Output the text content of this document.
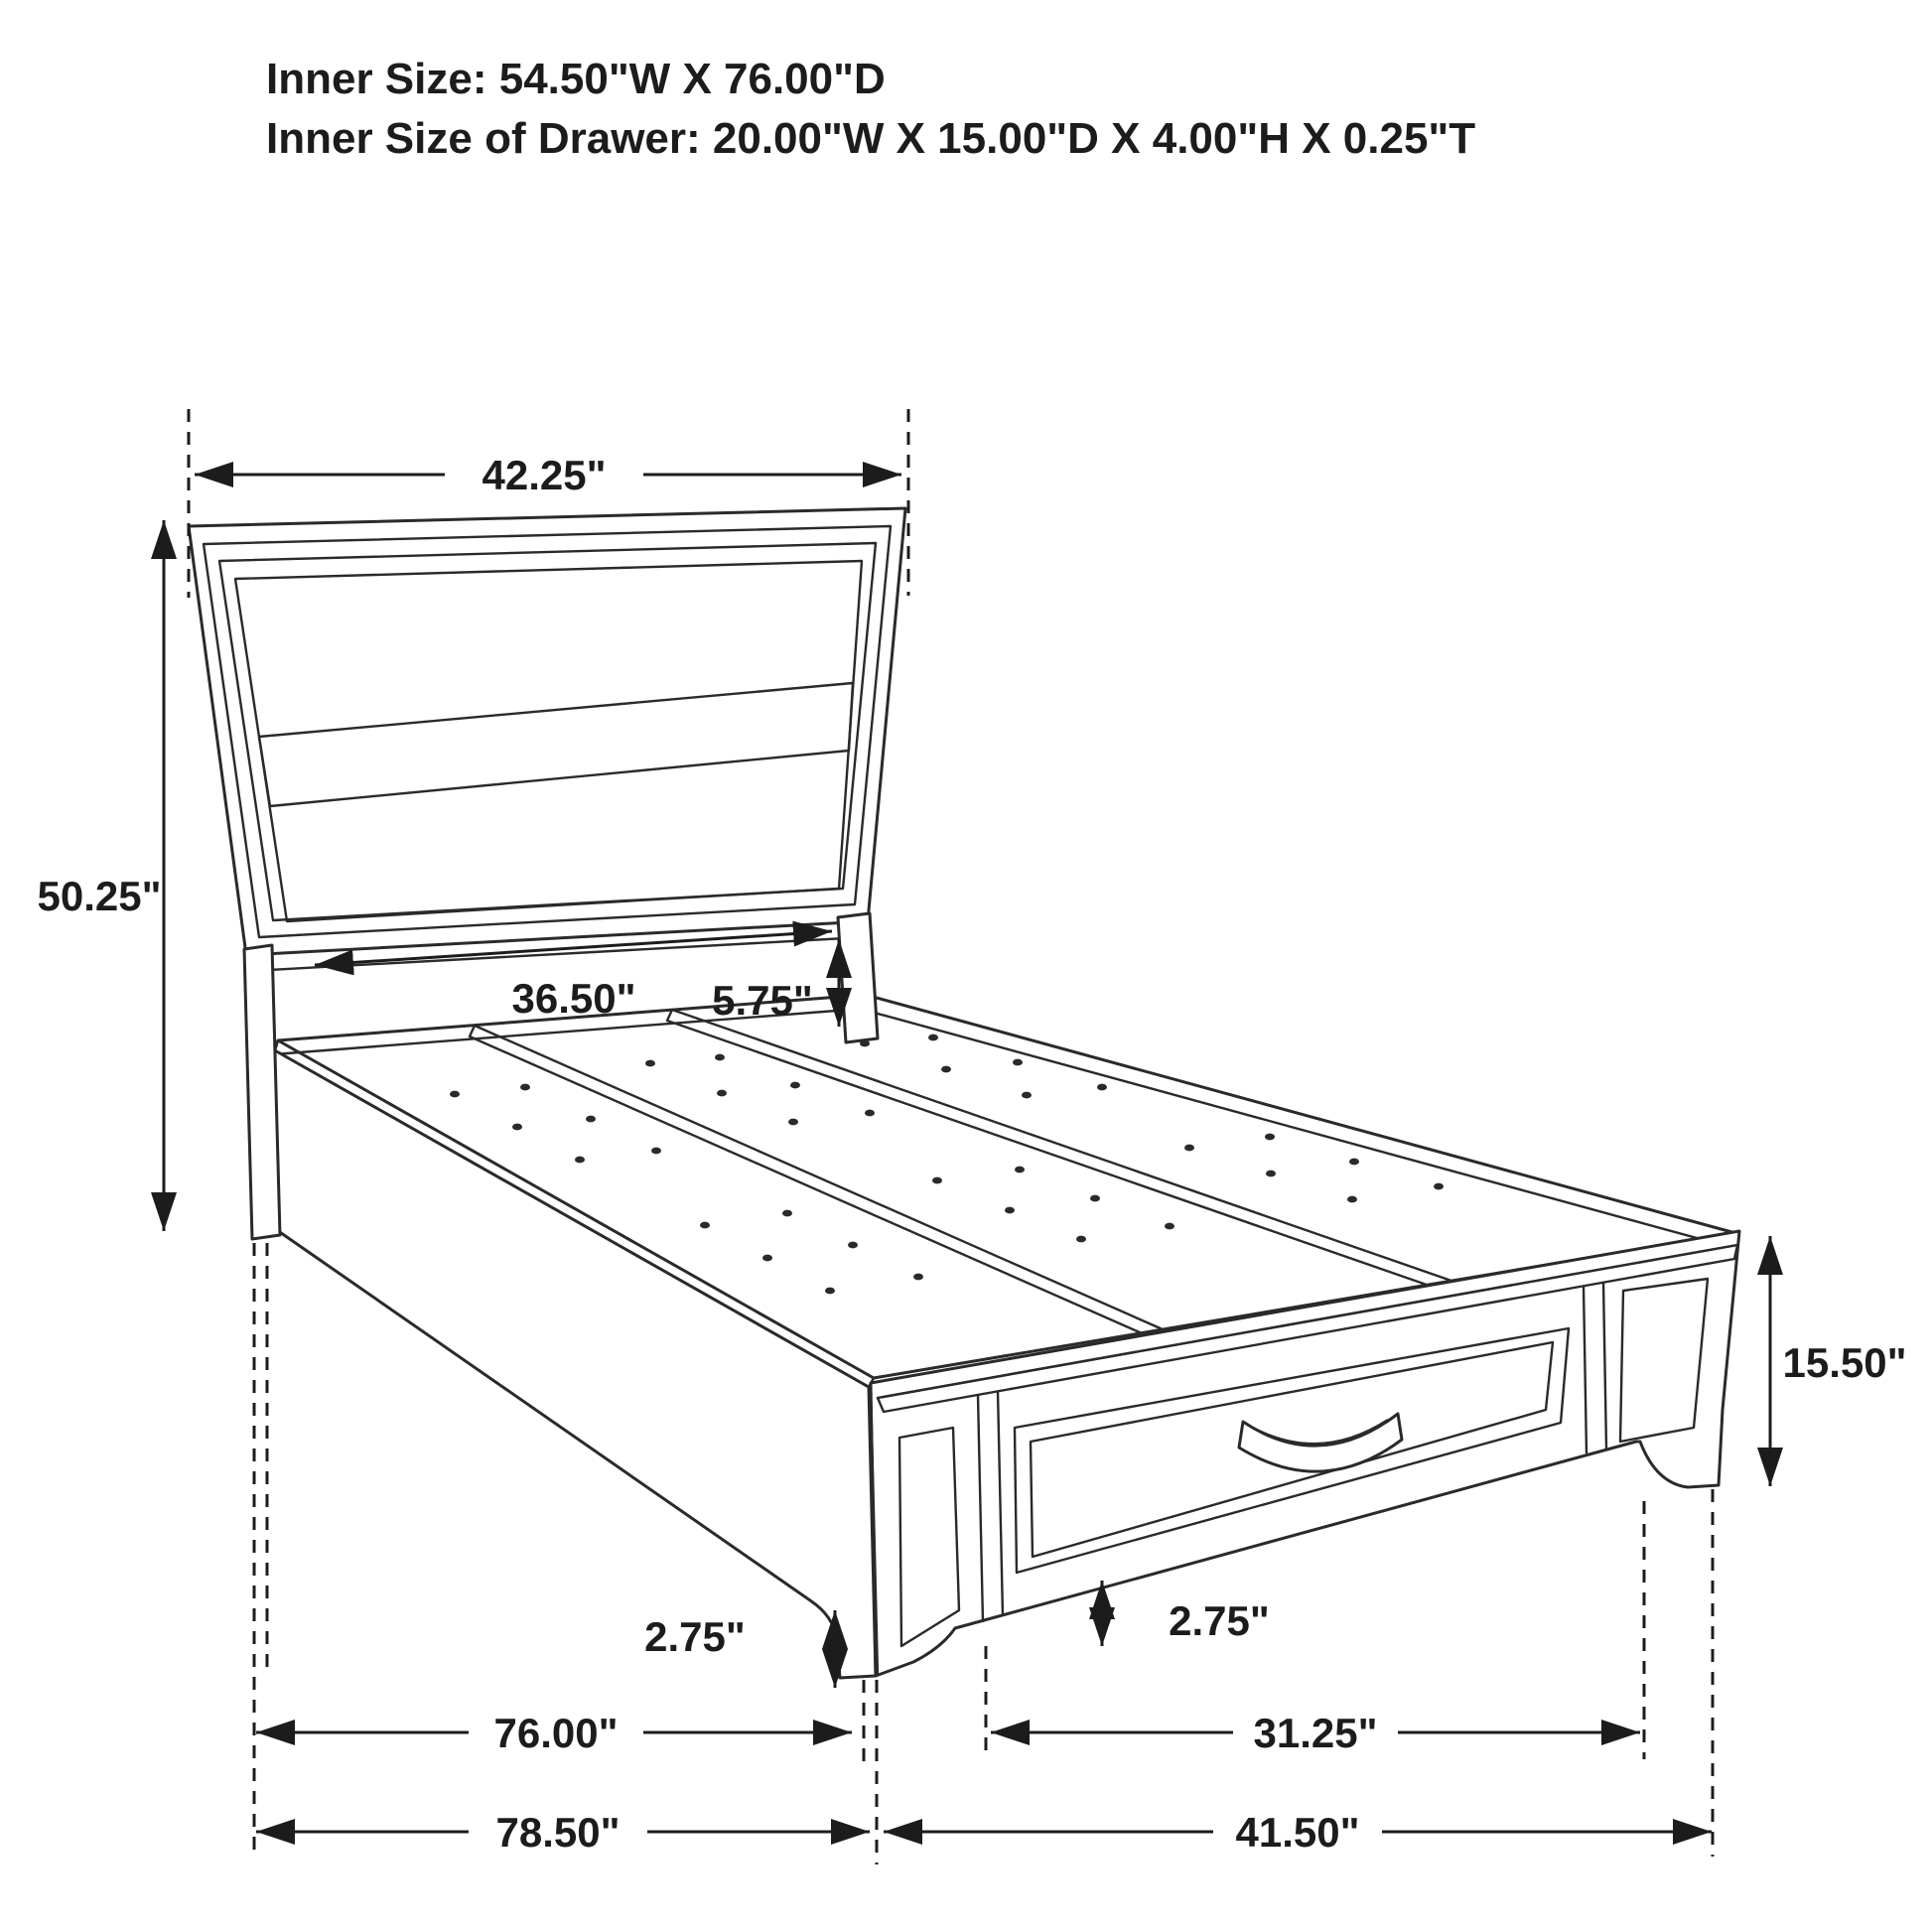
42.25"
50.25"
36.50" 5.75"
15.50"
2.75"	2.75"
76.00"	31.25"
78.50"	41.50"
Inner Size: 54.50"W X 76.00"D
Inner Size of Drawer: 20.00"W X 15.00"D X 4.00"H X 0.25"T
